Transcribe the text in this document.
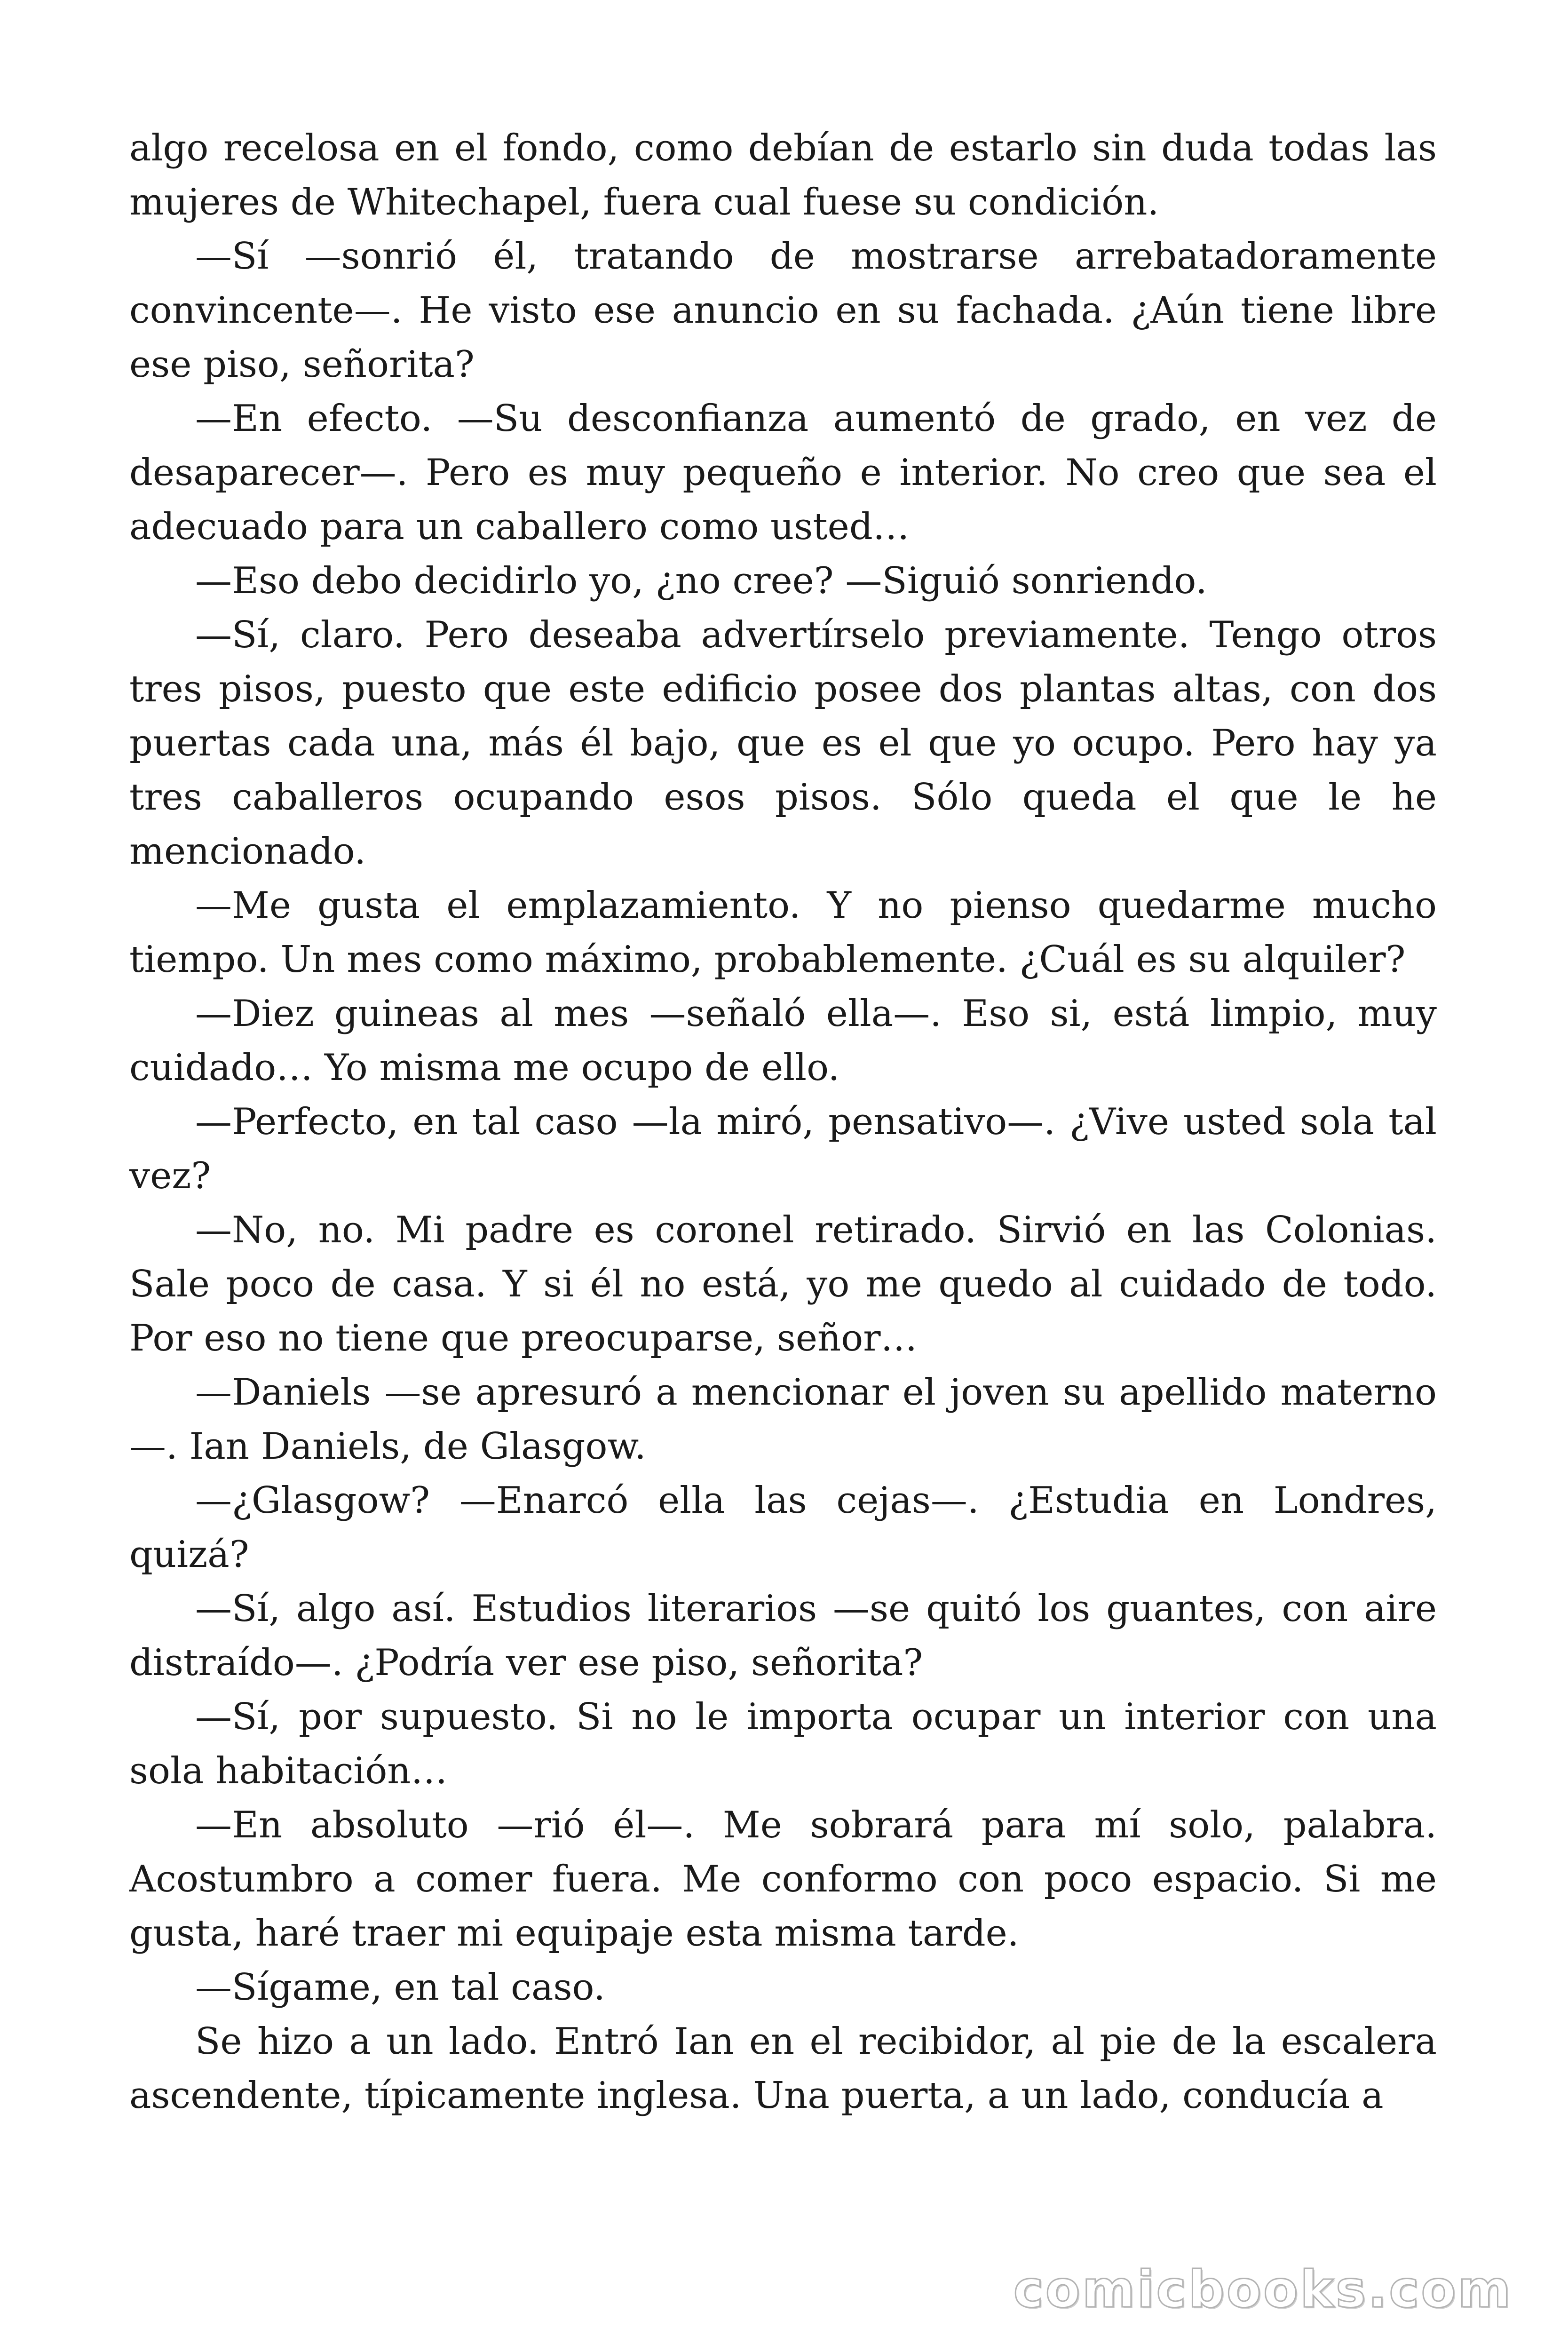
algo recelosa en el fondo, como debían de estarlo sin duda todas las mujeres de Whitechapel, fuera cual fuese su condición.

—Sí —sonrió él, tratando de mostrarse arrebatadoramente convincente—. He visto ese anuncio en su fachada. ¿Aún tiene libre ese piso, señorita?

—En efecto. —Su desconfianza aumentó de grado, en vez de desaparecer—. Pero es muy pequeño e interior. No creo que sea el adecuado para un caballero como usted…

—Eso debo decidirlo yo, ¿no cree? —Siguió sonriendo.

—Sí, claro. Pero deseaba advertírselo previamente. Tengo otros tres pisos, puesto que este edificio posee dos plantas altas, con dos puertas cada una, más él bajo, que es el que yo ocupo. Pero hay ya tres caballeros ocupando esos pisos. Sólo queda el que le he mencionado.

—Me gusta el emplazamiento. Y no pienso quedarme mucho tiempo. Un mes como máximo, probablemente. ¿Cuál es su alquiler?

—Diez guineas al mes —señaló ella—. Eso si, está limpio, muy cuidado… Yo misma me ocupo de ello.

—Perfecto, en tal caso —la miró, pensativo—. ¿Vive usted sola tal vez?

—No, no. Mi padre es coronel retirado. Sirvió en las Colonias. Sale poco de casa. Y si él no está, yo me quedo al cuidado de todo. Por eso no tiene que preocuparse, señor…

—Daniels —se apresuró a mencionar el joven su apellido materno—. Ian Daniels, de Glasgow.

—¿Glasgow? —Enarcó ella las cejas—. ¿Estudia en Londres, quizá?

—Sí, algo así. Estudios literarios —se quitó los guantes, con aire distraído—. ¿Podría ver ese piso, señorita?

—Sí, por supuesto. Si no le importa ocupar un interior con una sola habitación…

—En absoluto —rió él—. Me sobrará para mí solo, palabra. Acostumbro a comer fuera. Me conformo con poco espacio. Si me gusta, haré traer mi equipaje esta misma tarde.

—Sígame, en tal caso.

Se hizo a un lado. Entró Ian en el recibidor, al pie de la escalera ascendente, típicamente inglesa. Una puerta, a un lado, conducía a

comicbooks.com
